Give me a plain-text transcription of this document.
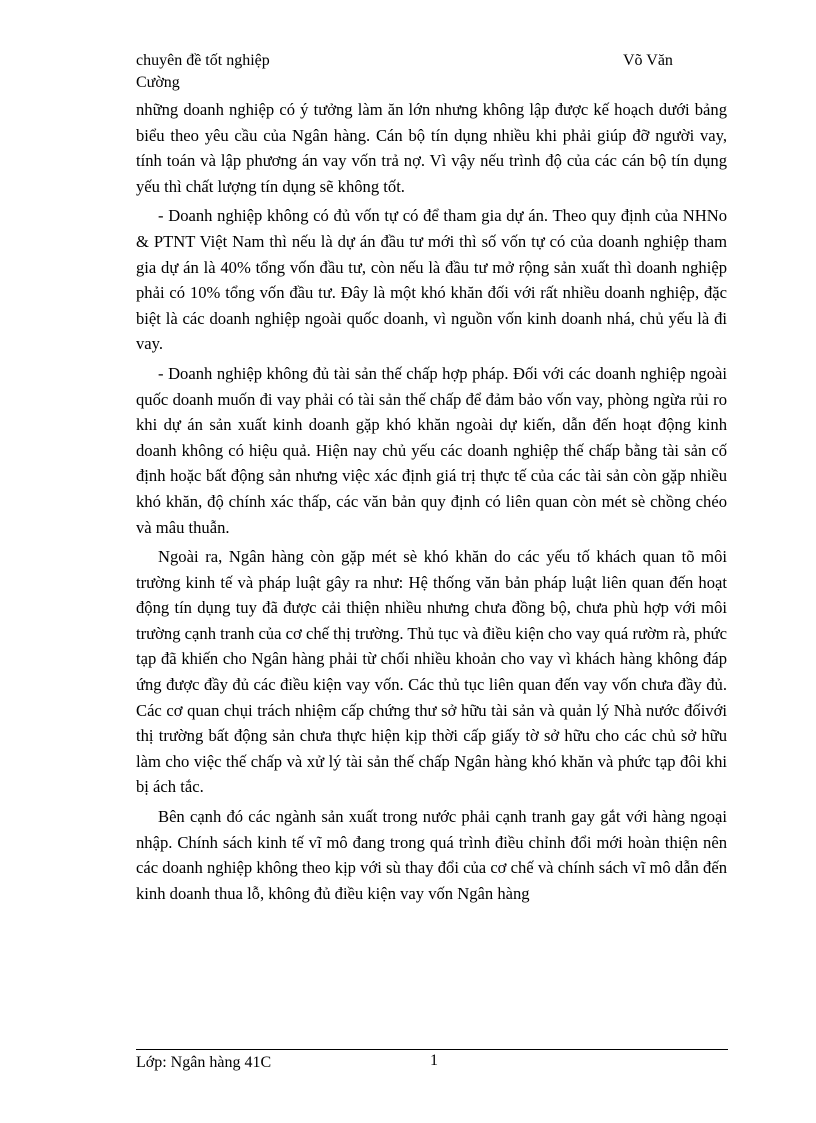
chuyên đề tốt nghiệp	Võ Văn
Cường

những doanh nghiệp có ý tưởng làm ăn lớn nhưng không lập được kế hoạch dưới bảng biểu theo yêu cầu của Ngân hàng. Cán bộ tín dụng nhiều khi phải giúp đỡ người vay, tính toán và lập phương án vay vốn trả nợ. Vì vậy nếu trình độ của các cán bộ tín dụng yếu thì chất lượng tín dụng sẽ không tốt.

- Doanh nghiệp không có đủ vốn tự có để tham gia dự án. Theo quy định của NHNo & PTNT Việt Nam thì nếu là dự án đầu tư mới thì số vốn tự có của doanh nghiệp tham gia dự án là 40% tổng vốn đầu tư, còn nếu là đầu tư mở rộng sản xuất thì doanh nghiệp phải có 10% tổng vốn đầu tư. Đây là một khó khăn đối với rất nhiều doanh nghiệp, đặc biệt là các doanh nghiệp ngoài quốc doanh, vì nguồn vốn kinh doanh nhá, chủ yếu là đi vay.

- Doanh nghiệp không đủ tài sản thế chấp hợp pháp. Đối với các doanh nghiệp ngoài quốc doanh muốn đi vay phải có tài sản thế chấp để đảm bảo vốn vay, phòng ngừa rủi ro khi dự án sản xuất kinh doanh gặp khó khăn ngoài dự kiến, dẫn đến hoạt động kinh doanh không có hiệu quả. Hiện nay chủ yếu các doanh nghiệp thế chấp bằng tài sản cố định hoặc bất động sản nhưng việc xác định giá trị thực tế của các tài sản còn gặp nhiều khó khăn, độ chính xác thấp, các văn bản quy định có liên quan còn mét sè chồng chéo và mâu thuẫn.

Ngoài ra, Ngân hàng còn gặp mét sè khó khăn do các yếu tố khách quan tõ môi trường kinh tế và pháp luật gây ra như: Hệ thống văn bản pháp luật liên quan đến hoạt động tín dụng tuy đã được cải thiện nhiều nhưng chưa đồng bộ, chưa phù hợp với môi trường cạnh tranh của cơ chế thị trường. Thủ tục và điều kiện cho vay quá rườm rà, phức tạp đã khiến cho Ngân hàng phải từ chối nhiều khoản cho vay vì khách hàng không đáp ứng được đầy đủ các điều kiện vay vốn. Các thủ tục liên quan đến vay vốn chưa đầy đủ. Các cơ quan chụi trách nhiệm cấp chứng thư sở hữu tài sản và quản lý Nhà nước đốivới thị trường bất động sản chưa thực hiện kịp thời cấp giấy tờ sở hữu cho các chủ sở hữu làm cho việc thế chấp và xử lý tài sản thế chấp Ngân hàng khó khăn và phức tạp đôi khi bị ách tắc.

Bên cạnh đó các ngành sản xuất trong nước phải cạnh tranh gay gắt với hàng ngoại nhập. Chính sách kinh tế vĩ mô đang trong quá trình điều chỉnh đổi mới hoàn thiện nên các doanh nghiệp không theo kịp với sù thay đổi của cơ chế và chính sách vĩ mô dẫn đến kinh doanh thua lỗ, không đủ điều kiện vay vốn Ngân hàng

Lớp: Ngân hàng 41C	1
